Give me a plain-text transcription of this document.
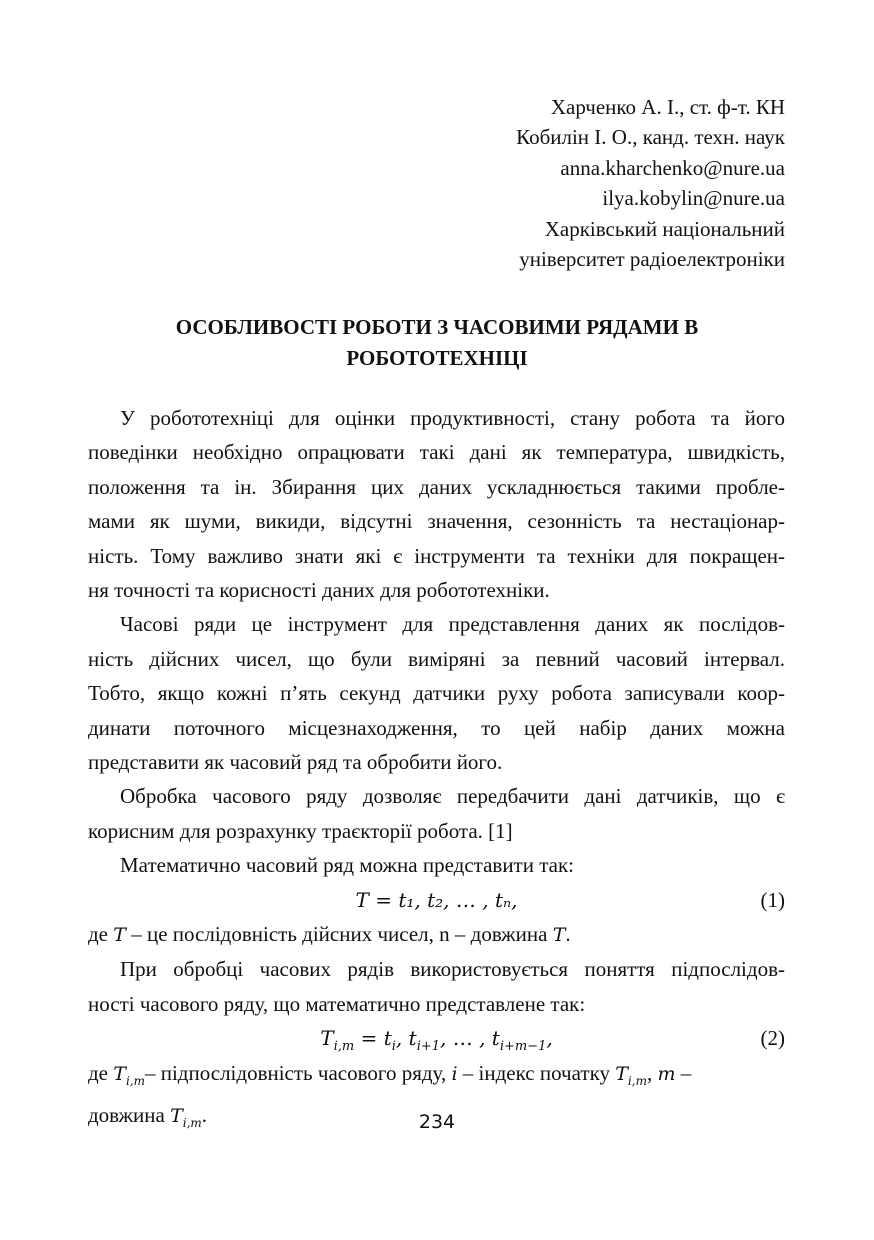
Харченко А. І., ст. ф-т. КН
Кобилін І. О., канд. техн. наук
anna.kharchenko@nure.ua
ilya.kobylin@nure.ua
Харківський національний
університет радіоелектроніки
ОСОБЛИВОСТІ РОБОТИ З ЧАСОВИМИ РЯДАМИ В
РОБОТОТЕХНІЦІ
У робототехніці для оцінки продуктивності, стану робота та його
поведінки необхідно опрацювати такі дані як температура, швидкість,
положення та ін. Збирання цих даних ускладнюється такими пробле-
мами як шуми, викиди, відсутні значення, сезонність та нестаціонар-
ність. Тому важливо знати які є інструменти та техніки для покращен-
ня точності та корисності даних для робототехніки.
Часові ряди це інструмент для представлення даних як послідов-
ність дійсних чисел, що були виміряні за певний часовий інтервал.
Тобто, якщо кожні п’ять секунд датчики руху робота записували коор-
динати поточного місцезнаходження, то цей набір даних можна
представити як часовий ряд та обробити його.
Обробка часового ряду дозволяє передбачити дані датчиків, що є
корисним для розрахунку траєкторії робота. [1]
Математично часовий ряд можна представити так:
T = t₁, t₂, … , tₙ,	(1)
де T – це послідовність дійсних чисел, n – довжина T.
При обробці часових рядів використовується поняття підпослідов-
ності часового ряду, що математично представлене так:
$T_{i,m} = t_i$, $t_{i+1}$, … , $t_{i+m-1}$,	(2)
де $T_{i,m}-$ підпослідовність часового ряду, i – індекс початку $T_{i,m}$, m –
довжина $T_{i,m}$.	234
